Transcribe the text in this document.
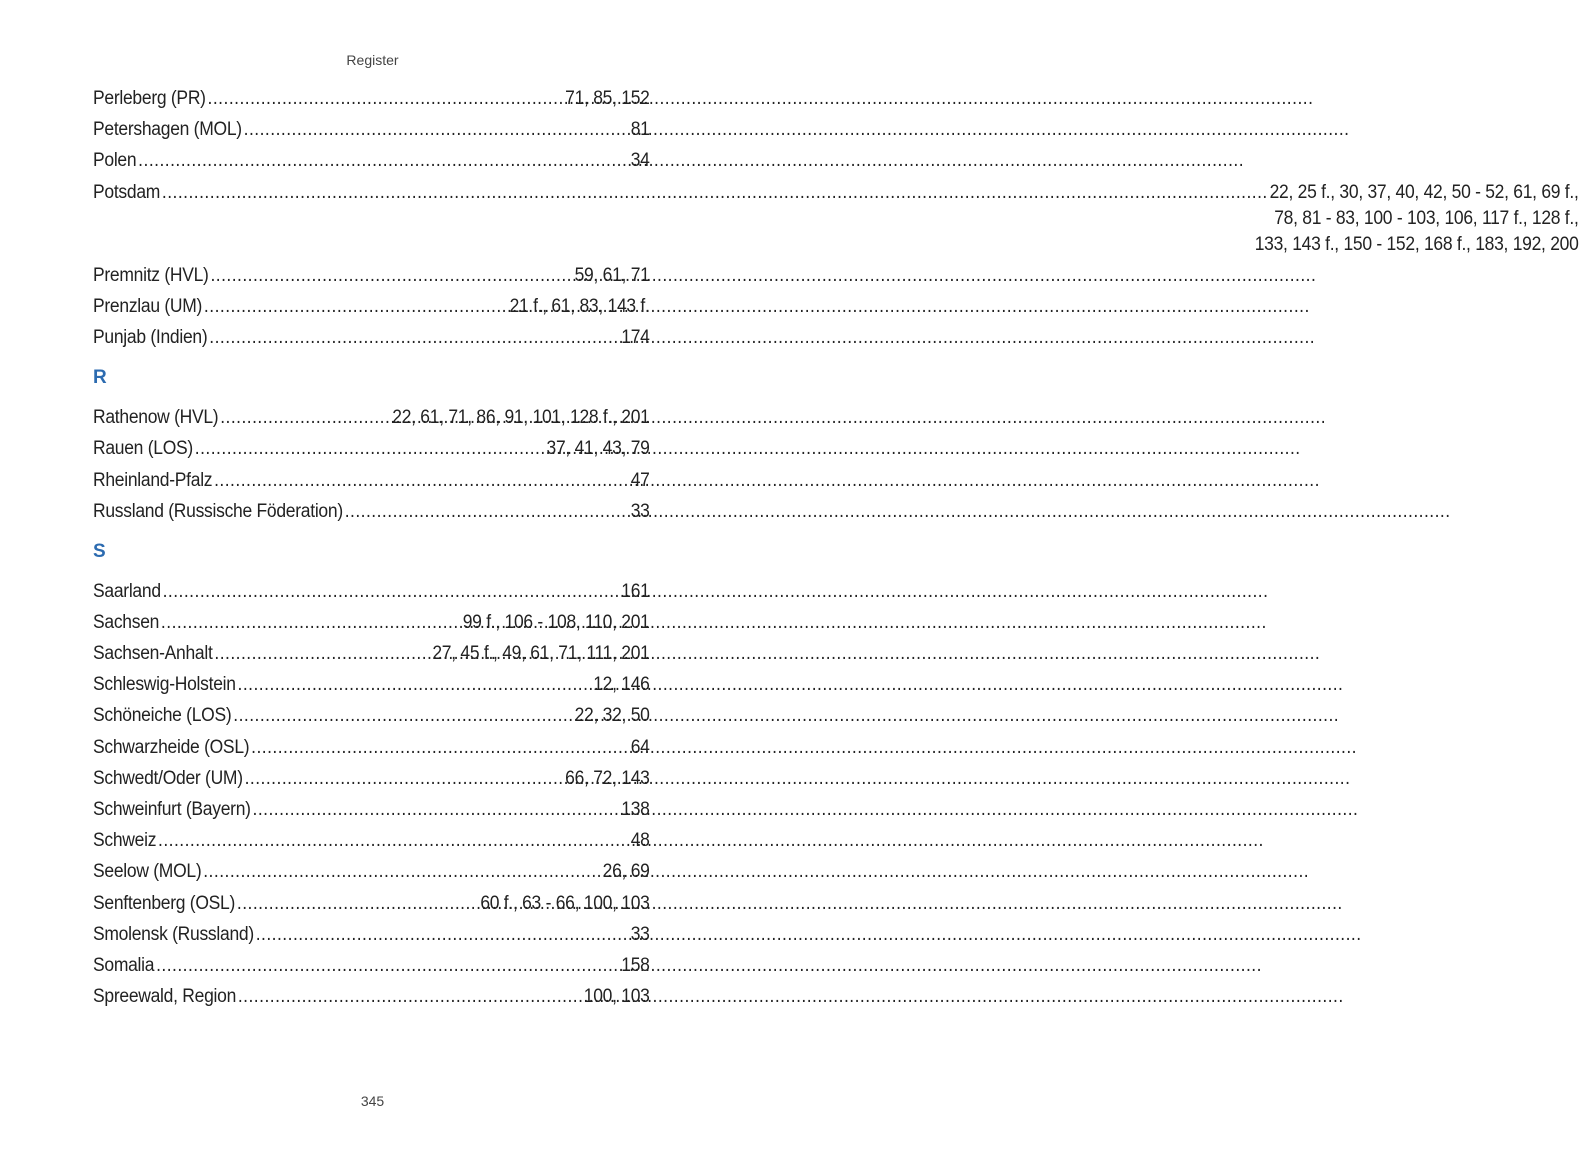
Register
Perleberg (PR) .....	71, 85, 152
Petershagen (MOL) .....	81
Polen .....	34
Potsdam .....	22, 25 f., 30, 37, 40, 42, 50 - 52, 61, 69 f.,
78, 81 - 83, 100 - 103, 106, 117 f., 128 f.,
133, 143 f., 150 - 152, 168 f., 183, 192, 200
Premnitz (HVL) .....	59, 61, 71
Prenzlau (UM) .....	21 f., 61, 83, 143 f.
Punjab (Indien) .....	174
R
Rathenow (HVL) .....	22, 61, 71, 86, 91, 101, 128 f., 201
Rauen (LOS) .....	37, 41, 43, 79
Rheinland-Pfalz .....	47
Russland (Russische Föderation) .....	33
S
Saarland .....	161
Sachsen .....	99 f., 106 - 108, 110, 201
Sachsen-Anhalt .....	27, 45 f., 49, 61, 71, 111, 201
Schleswig-Holstein .....	12, 146
Schöneiche (LOS) .....	22, 32, 50
Schwarzheide (OSL) .....	64
Schwedt/Oder (UM) .....	66, 72, 143
Schweinfurt (Bayern) .....	138
Schweiz .....	48
Seelow (MOL) .....	26, 69
Senftenberg (OSL) .....	60 f., 63 - 66, 100, 103
Smolensk (Russland) .....	33
Somalia .....	158
Spreewald, Region .....	100, 103
345
